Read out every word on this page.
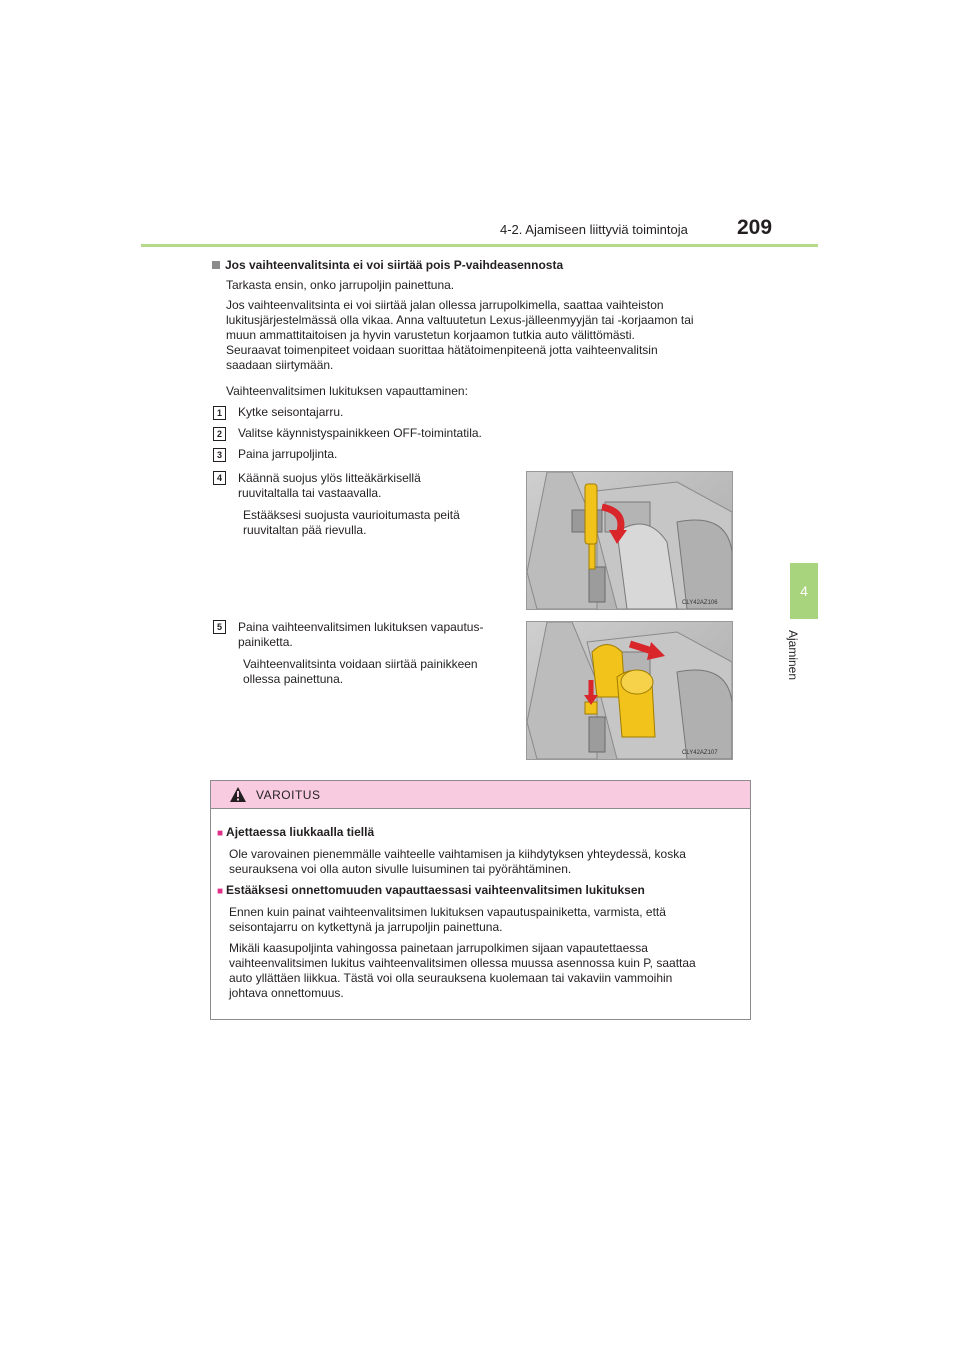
4-2. Ajamiseen liittyviä toimintoja 209
4
Ajaminen
Jos vaihteenvalitsinta ei voi siirtää pois P-vaihdeasennosta
Tarkasta ensin, onko jarrupoljin painettuna.
Jos vaihteenvalitsinta ei voi siirtää jalan ollessa jarrupolkimella, saattaa vaihteiston
lukitusjärjestelmässä olla vikaa. Anna valtuutetun Lexus-jälleenmyyjän tai -korjaamon tai
muun ammattitaitoisen ja hyvin varustetun korjaamon tutkia auto välittömästi.
Seuraavat toimenpiteet voidaan suorittaa hätätoimenpiteenä jotta vaihteenvalitsin
saadaan siirtymään.
Vaihteenvalitsimen lukituksen vapauttaminen:
1	Kytke seisontajarru.
2	Valitse käynnistyspainikkeen OFF-toimintatila.
3	Paina jarrupoljinta.
4	Käännä suojus ylös litteäkärkisellä
ruuvitaltalla tai vastaavalla.
Estääksesi suojusta vaurioitumasta peitä
ruuvitaltan pää rievulla.
CLY42AZ106
5	Paina vaihteenvalitsimen lukituksen vapautus-
painiketta.
Vaihteenvalitsinta voidaan siirtää painikkeen
ollessa painettuna.
CLY42AZ107
VAROITUS
■ Ajettaessa liukkaalla tiellä
Ole varovainen pienemmälle vaihteelle vaihtamisen ja kiihdytyksen yhteydessä, koska
seurauksena voi olla auton sivulle luisuminen tai pyörähtäminen.
■ Estääksesi onnettomuuden vapauttaessasi vaihteenvalitsimen lukituksen
Ennen kuin painat vaihteenvalitsimen lukituksen vapautuspainiketta, varmista, että
seisontajarru on kytkettynä ja jarrupoljin painettuna.
Mikäli kaasupoljinta vahingossa painetaan jarrupolkimen sijaan vapautettaessa
vaihteenvalitsimen lukitus vaihteenvalitsimen ollessa muussa asennossa kuin P, saattaa
auto yllättäen liikkua. Tästä voi olla seurauksena kuolemaan tai vakaviin vammoihin
johtava onnettomuus.
